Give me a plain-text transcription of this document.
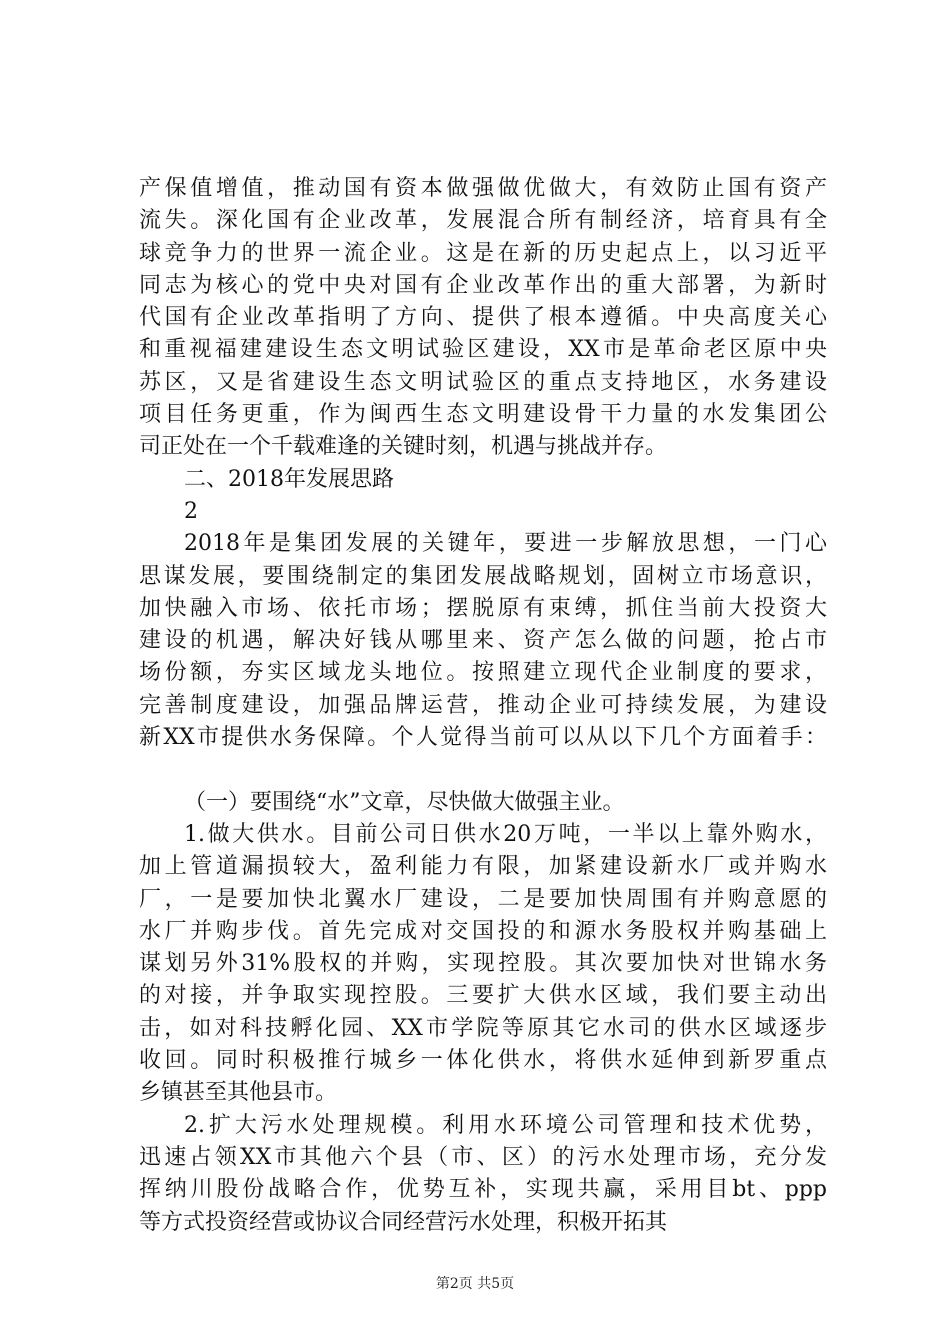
产保值增值，推动国有资本做强做优做大，有效防止国有资产
流失。深化国有企业改革，发展混合所有制经济，培育具有全
球竞争力的世界一流企业。这是在新的历史起点上，以习近平
同志为核心的党中央对国有企业改革作出的重大部署，为新时
代国有企业改革指明了方向、提供了根本遵循。中央高度关心
和重视福建建设生态文明试验区建设，XX市是革命老区原中央
苏区，又是省建设生态文明试验区的重点支持地区，水务建设
项目任务更重，作为闽西生态文明建设骨干力量的水发集团公
司正处在一个千载难逢的关键时刻，机遇与挑战并存。
二、2018年发展思路
2
2018年是集团发展的关键年，要进一步解放思想，一门心
思谋发展，要围绕制定的集团发展战略规划，固树立市场意识，
加快融入市场、依托市场；摆脱原有束缚，抓住当前大投资大
建设的机遇，解决好钱从哪里来、资产怎么做的问题，抢占市
场份额，夯实区域龙头地位。按照建立现代企业制度的要求，
完善制度建设，加强品牌运营，推动企业可持续发展，为建设
新XX市提供水务保障。个人觉得当前可以从以下几个方面着手：
（一）要围绕“水”文章，尽快做大做强主业。
1.做大供水。目前公司日供水20万吨，一半以上靠外购水，
加上管道漏损较大，盈利能力有限，加紧建设新水厂或并购水
厂，一是要加快北翼水厂建设，二是要加快周围有并购意愿的
水厂并购步伐。首先完成对交国投的和源水务股权并购基础上
谋划另外31%股权的并购，实现控股。其次要加快对世锦水务
的对接，并争取实现控股。三要扩大供水区域，我们要主动出
击，如对科技孵化园、XX市学院等原其它水司的供水区域逐步
收回。同时积极推行城乡一体化供水，将供水延伸到新罗重点
乡镇甚至其他县市。
2.扩大污水处理规模。利用水环境公司管理和技术优势，
迅速占领XX市其他六个县（市、区）的污水处理市场，充分发
挥纳川股份战略合作，优势互补，实现共赢，采用目bt、ppp
等方式投资经营或协议合同经营污水处理，积极开拓其
第2页 共5页
